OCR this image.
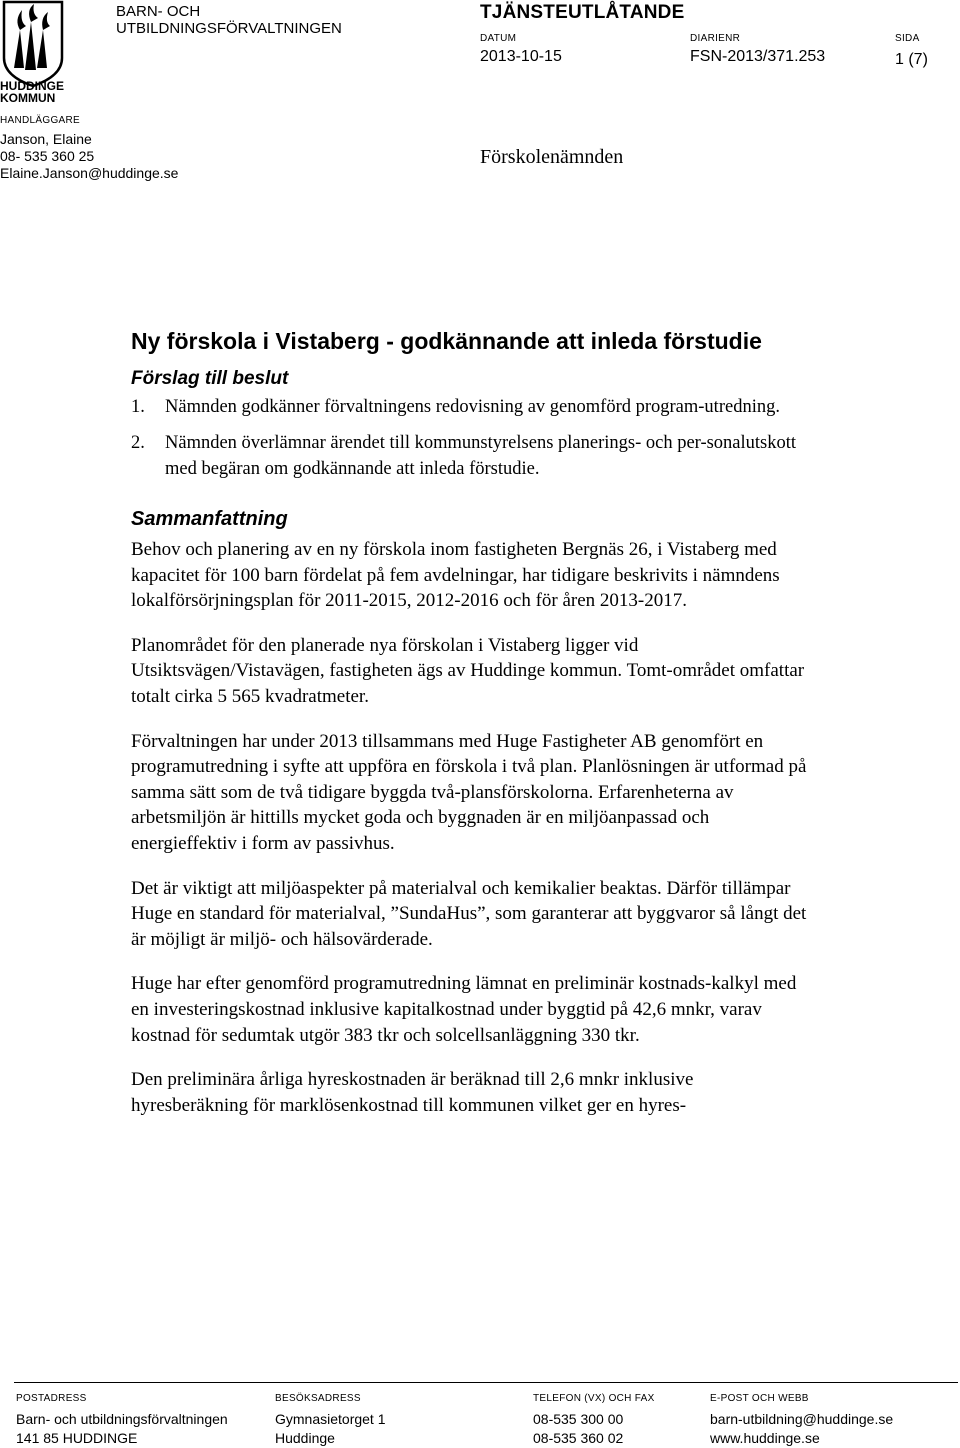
HUDDINGE
KOMMUN
BARN- OCH
UTBILDNINGSFÖRVALTNINGEN
TJÄNSTEUTLÅTANDE
DATUM
2013-10-15
DIARIENR
FSN-2013/371.253
SIDA
1 (7)
HANDLÄGGARE
Janson, Elaine
08- 535 360 25
Elaine.Janson@huddinge.se
Förskolenämnden
Ny förskola i Vistaberg - godkännande att inleda förstudie
Förslag till beslut
1. Nämnden godkänner förvaltningens redovisning av genomförd program-utredning.
2. Nämnden överlämnar ärendet till kommunstyrelsens planerings- och per-sonalutskott med begäran om godkännande att inleda förstudie.
Sammanfattning

Behov och planering av en ny förskola inom fastigheten Bergnäs 26, i Vistaberg med kapacitet för 100 barn fördelat på fem avdelningar, har tidigare beskrivits i nämndens lokalförsörjningsplan för 2011-2015, 2012-2016 och för åren 2013-2017.

Planområdet för den planerade nya förskolan i Vistaberg ligger vid Utsiktsvägen/Vistavägen, fastigheten ägs av Huddinge kommun. Tomt-området omfattar totalt cirka 5 565 kvadratmeter.

Förvaltningen har under 2013 tillsammans med Huge Fastigheter AB genomfört en programutredning i syfte att uppföra en förskola i två plan. Planlösningen är utformad på samma sätt som de två tidigare byggda två-plansförskolorna. Erfarenheterna av arbetsmiljön är hittills mycket goda och byggnaden är en miljöanpassad och energieffektiv i form av passivhus.

Det är viktigt att miljöaspekter på materialval och kemikalier beaktas. Därför tillämpar Huge en standard för materialval, ”SundaHus”, som garanterar att byggvaror så långt det är möjligt är miljö- och hälsovärderade.

Huge har efter genomförd programutredning lämnat en preliminär kostnads-kalkyl med en investeringskostnad inklusive kapitalkostnad under byggtid på 42,6 mnkr, varav kostnad för sedumtak utgör 383 tkr och solcellsanläggning 330 tkr.

Den preliminära årliga hyreskostnaden är beräknad till 2,6 mnkr inklusive hyresberäkning för marklösenkostnad till kommunen vilket ger en hyres-

POSTADRESS
Barn- och utbildningsförvaltningen
141 85 HUDDINGE
BESÖKSADRESS
Gymnasietorget 1
Huddinge
TELEFON (VX) OCH FAX
08-535 300 00
08-535 360 02
E-POST OCH WEBB
barn-utbildning@huddinge.se
www.huddinge.se
